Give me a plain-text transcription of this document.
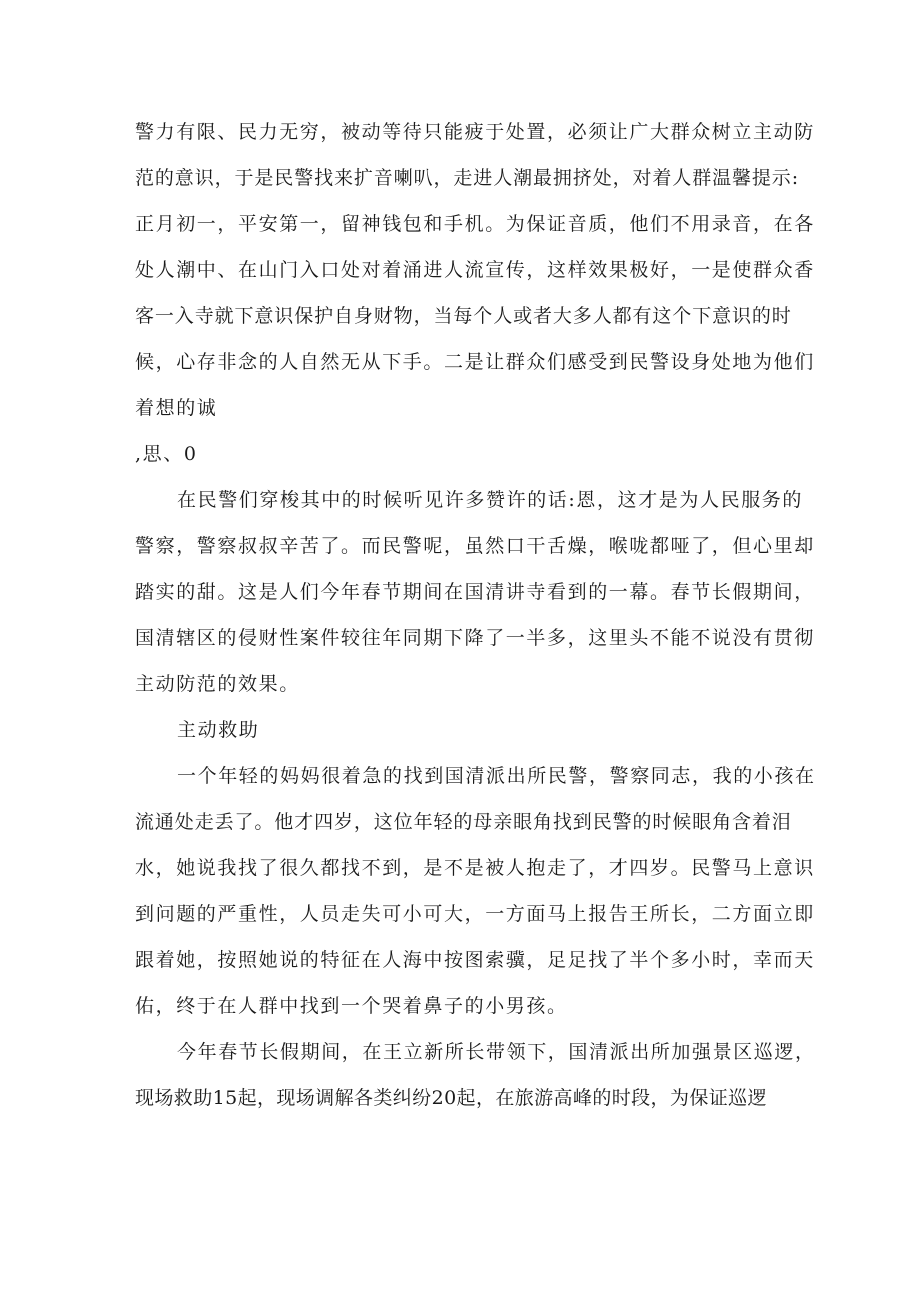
警力有限、民力无穷，被动等待只能疲于处置，必须让广大群众树立主动防
范的意识，于是民警找来扩音喇叭，走进人潮最拥挤处，对着人群温馨提示:
正月初一，平安第一，留神钱包和手机。为保证音质，他们不用录音，在各
处人潮中、在山门入口处对着涌进人流宣传，这样效果极好，一是使群众香
客一入寺就下意识保护自身财物，当每个人或者大多人都有这个下意识的时
候，心存非念的人自然无从下手。二是让群众们感受到民警设身处地为他们
着想的诚
,思、0
在民警们穿梭其中的时候听见许多赞许的话:恩，这才是为人民服务的
警察，警察叔叔辛苦了。而民警呢，虽然口干舌燥，喉咙都哑了，但心里却
踏实的甜。这是人们今年春节期间在国清讲寺看到的一幕。春节长假期间，
国清辖区的侵财性案件较往年同期下降了一半多，这里头不能不说没有贯彻
主动防范的效果。
主动救助
一个年轻的妈妈很着急的找到国清派出所民警，警察同志，我的小孩在
流通处走丢了。他才四岁，这位年轻的母亲眼角找到民警的时候眼角含着泪
水，她说我找了很久都找不到，是不是被人抱走了，才四岁。民警马上意识
到问题的严重性，人员走失可小可大，一方面马上报告王所长，二方面立即
跟着她，按照她说的特征在人海中按图索骥，足足找了半个多小时，幸而天
佑，终于在人群中找到一个哭着鼻子的小男孩。
今年春节长假期间，在王立新所长带领下，国清派出所加强景区巡逻，
现场救助15起，现场调解各类纠纷20起，在旅游高峰的时段，为保证巡逻
